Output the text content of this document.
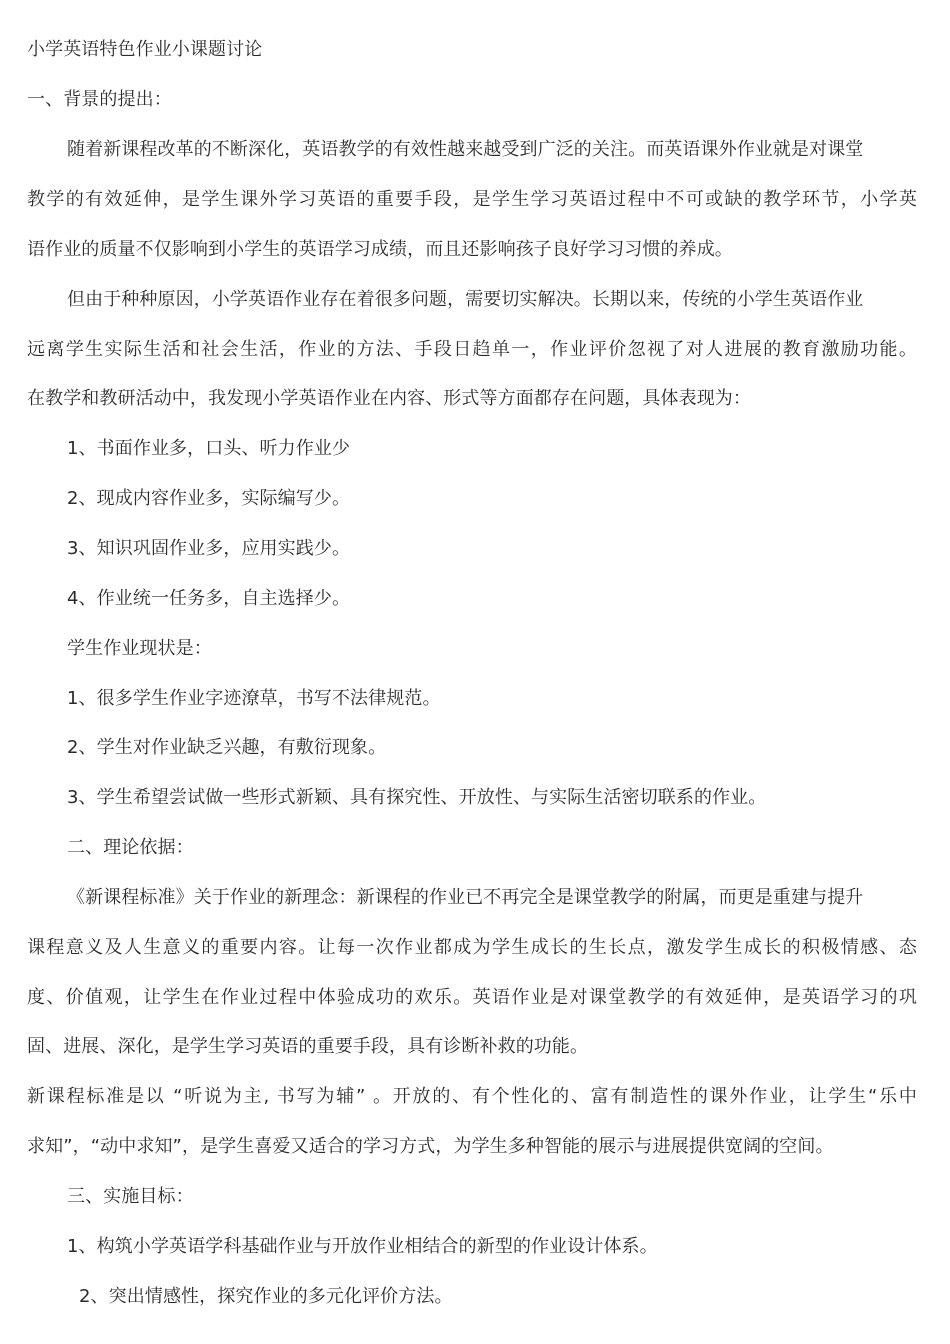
小学英语特色作业小课题讨论
一、背景的提出：
随着新课程改革的不断深化，英语教学的有效性越来越受到广泛的关注。而英语课外作业就是对课堂
教学的有效延伸，是学生课外学习英语的重要手段，是学生学习英语过程中不可或缺的教学环节，小学英
语作业的质量不仅影响到小学生的英语学习成绩，而且还影响孩子良好学习习惯的养成。
但由于种种原因，小学英语作业存在着很多问题，需要切实解决。长期以来，传统的小学生英语作业
远离学生实际生活和社会生活，作业的方法、手段日趋单一，作业评价忽视了对人进展的教育激励功能。
在教学和教研活动中，我发现小学英语作业在内容、形式等方面都存在问题，具体表现为：
1、书面作业多，口头、听力作业少
2、现成内容作业多，实际编写少。
3、知识巩固作业多，应用实践少。
4、作业统一任务多，自主选择少。
学生作业现状是：
1、很多学生作业字迹潦草，书写不法律规范。
2、学生对作业缺乏兴趣，有敷衍现象。
3、学生希望尝试做一些形式新颖、具有探究性、开放性、与实际生活密切联系的作业。
二、理论依据：
《新课程标准》关于作业的新理念：新课程的作业已不再完全是课堂教学的附属，而更是重建与提升
课程意义及人生意义的重要内容。让每一次作业都成为学生成长的生长点，激发学生成长的积极情感、态
度、价值观，让学生在作业过程中体验成功的欢乐。英语作业是对课堂教学的有效延伸，是英语学习的巩
固、进展、深化，是学生学习英语的重要手段，具有诊断补救的功能。
新课程标准是以 “听说为主, 书写为辅” 。开放的、有个性化的、富有制造性的课外作业，让学生“乐中
求知”，“动中求知”，是学生喜爱又适合的学习方式，为学生多种智能的展示与进展提供宽阔的空间。
三、实施目标：
1、构筑小学英语学科基础作业与开放作业相结合的新型的作业设计体系。
2、突出情感性，探究作业的多元化评价方法。
